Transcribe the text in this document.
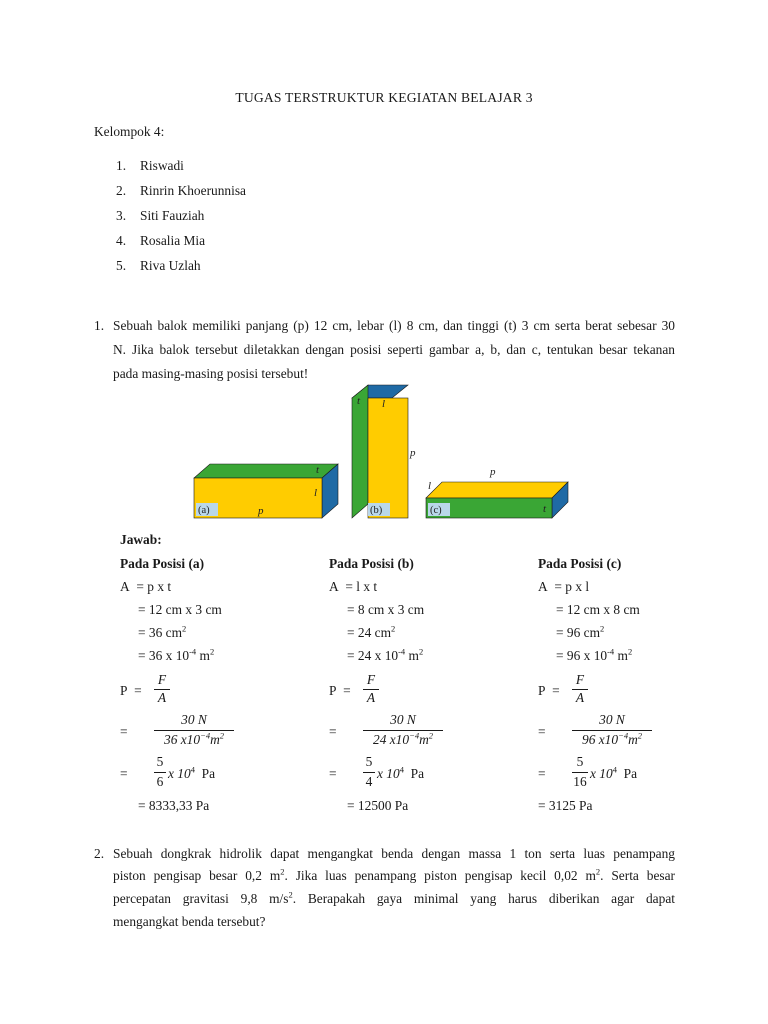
TUGAS TERSTRUKTUR KEGIATAN BELAJAR 3
Kelompok 4:
1. Riswadi
2. Rinrin Khoerunnisa
3. Siti Fauziah
4. Rosalia Mia
5. Riva Uzlah
1. Sebuah balok memiliki panjang (p) 12 cm, lebar (l) 8 cm, dan tinggi (t) 3 cm serta berat sebesar 30
N. Jika balok tersebut diletakkan dengan posisi seperti gambar a, b, dan c, tentukan besar tekanan
pada masing-masing posisi tersebut!
(a)	p
l
t
(b)
t l
p
(c)
p
l
t
Jawab:
Pada Posisi (a)
A = p x t
= 12 cm x 3 cm
= 36 $cm^2$
= 36 x $10^{-4}$ $m^2$
P =
F
A
=
30 N
36 $x10^{-4}m^2$
=
5
6
x $10^4$ Pa
= 8333,33 Pa
Pada Posisi (b)
A = l x t
= 8 cm x 3 cm
= 24 $cm^2$
= 24 x $10^{-4}$ $m^2$
P =
F
A
=
30 N
24 $x10^{-4}m^2$
=
5
4
x $10^4$ Pa
= 12500 Pa
Pada Posisi (c)
A = p x l
= 12 cm x 8 cm
= 96 $cm^2$
= 96 x $10^{-4}$ $m^2$
P =
F
A
=
30 N
96 $x10^{-4}m^2$
=
5
16
x $10^4$ Pa
= 3125 Pa
2. Sebuah dongkrak hidrolik dapat mengangkat benda dengan massa 1 ton serta luas penampang
piston pengisap besar 0,2 $m^2$. Jika luas penampang piston pengisap kecil 0,02 $m^2$. Serta besar
percepatan gravitasi 9,8 $m/s^2$. Berapakah gaya minimal yang harus diberikan agar dapat
mengangkat benda tersebut?
